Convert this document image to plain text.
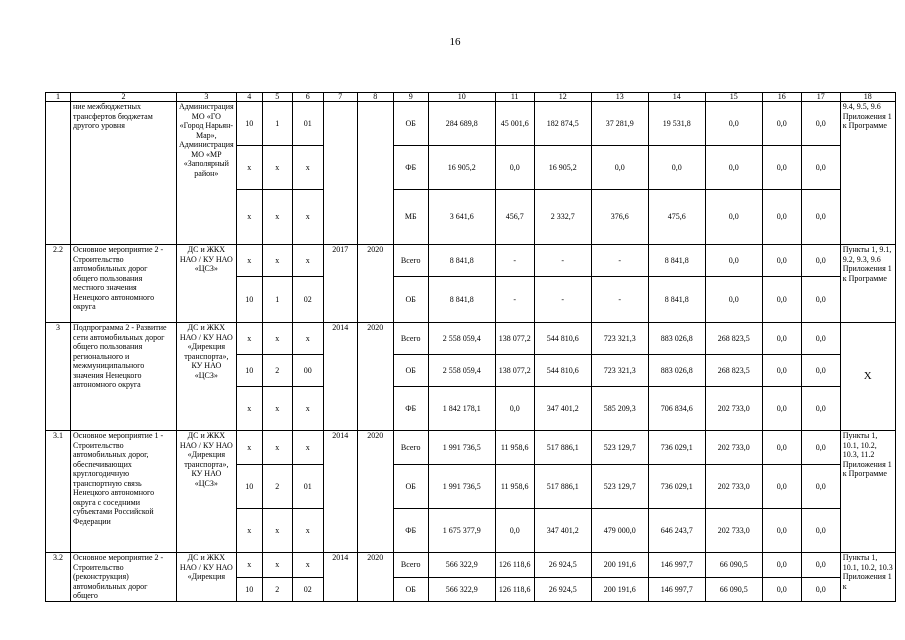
16
1	2	3	4	5	6	7	8	9	10	11	12	13	14	15	16	17	18
	ние межбюджетных трансфертов бюджетам другого уровня	Администрация МО «ГО «Город Нарьян-Мар», Администрация МО «МР «Заполярный район»	10	1	01			ОБ	284 689,8	45 001,6	182 874,5	37 281,9	19 531,8	0,0	0,0	0,0	9.4, 9.5, 9.6 Приложения 1 к Программе
			х	х	х			ФБ	16 905,2	0,0	16 905,2	0,0	0,0	0,0	0,0	0,0	
			х	х	х			МБ	3 641,6	456,7	2 332,7	376,6	475,6	0,0	0,0	0,0	
2.2	Основное мероприятие 2 - Строительство автомобильных дорог общего пользования местного значения Ненецкого автономного округа	ДС и ЖКХ НАО / КУ НАО «ЦСЗ»	х	х	х	2017	2020	Всего	8 841,8	-	-	-	8 841,8	0,0	0,0	0,0	Пункты 1, 9.1, 9.2, 9.3, 9.6 Приложения 1 к Программе
			10	1	02			ОБ	8 841,8	-	-	-	8 841,8	0,0	0,0	0,0	
3	Подпрограмма 2 - Развитие сети автомобильных дорог общего пользования регионального и межмуниципального значения Ненецкого автономного округа	ДС и ЖКХ НАО / КУ НАО «Дирекция транспорта», КУ НАО «ЦСЗ»	х	х	х	2014	2020	Всего	2 558 059,4	138 077,2	544 810,6	723 321,3	883 026,8	268 823,5	0,0	0,0	Х
			10	2	00			ОБ	2 558 059,4	138 077,2	544 810,6	723 321,3	883 026,8	268 823,5	0,0	0,0	
			х	х	х			ФБ	1 842 178,1	0,0	347 401,2	585 209,3	706 834,6	202 733,0	0,0	0,0	
3.1	Основное мероприятие 1 - Строительство автомобильных дорог, обеспечивающих круглогодичную транспортную связь Ненецкого автономного округа с соседними субъектами Российской Федерации	ДС и ЖКХ НАО / КУ НАО «Дирекция транспорта», КУ НАО «ЦСЗ»	х	х	х	2014	2020	Всего	1 991 736,5	11 958,6	517 886,1	523 129,7	736 029,1	202 733,0	0,0	0,0	Пункты 1, 10.1, 10.2, 10.3, 11.2 Приложения 1 к Программе
			10	2	01			ОБ	1 991 736,5	11 958,6	517 886,1	523 129,7	736 029,1	202 733,0	0,0	0,0	
			х	х	х			ФБ	1 675 377,9	0,0	347 401,2	479 000,0	646 243,7	202 733,0	0,0	0,0	
3.2	Основное мероприятие 2 - Строительство (реконструкция) автомобильных дорог общего	ДС и ЖКХ НАО / КУ НАО «Дирекция	х	х	х	2014	2020	Всего	566 322,9	126 118,6	26 924,5	200 191,6	146 997,7	66 090,5	0,0	0,0	Пункты 1, 10.1, 10.2, 10.3 Приложения 1 к
			10	2	02			ОБ	566 322,9	126 118,6	26 924,5	200 191,6	146 997,7	66 090,5	0,0	0,0	
